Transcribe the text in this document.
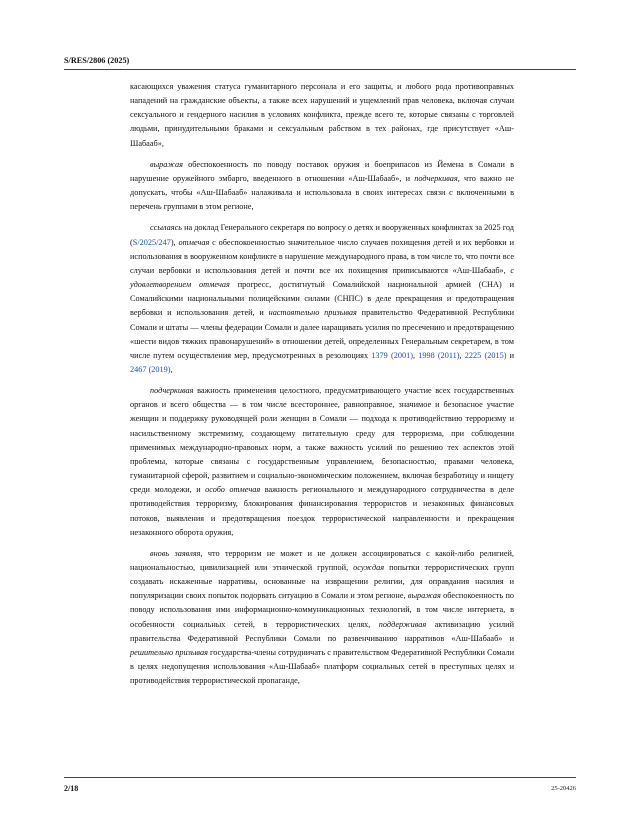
S/RES/2806 (2025)

касающихся уважения статуса гуманитарного персонала и его защиты, и любого рода противоправных нападений на гражданские объекты, а также всех нарушений и ущемлений прав человека, включая случаи сексуального и гендерного насилия в условиях конфликта, прежде всего те, которые связаны с торговлей людьми, принудительными браками и сексуальным рабством в тех районах, где присутствует «Аш-Шабааб»,

выражая обеспокоенность по поводу поставок оружия и боеприпасов из Йемена в Сомали в нарушение оружейного эмбарго, введенного в отношении «Аш-Шабааб», и подчеркивая, что важно не допускать, чтобы «Аш-Шабааб» налаживала и использовала в своих интересах связи с включенными в перечень группами в этом регионе,

ссылаясь на доклад Генерального секретаря по вопросу о детях и вооруженных конфликтах за 2025 год (S/2025/247), отмечая с обеспокоенностью значительное число случаев похищения детей и их вербовки и использования в вооруженном конфликте в нарушение международного права, в том числе то, что почти все случаи вербовки и использования детей и почти все их похищения приписываются «Аш-Шабааб», с удовлетворением отмечая прогресс, достигнутый Сомалийской национальной армией (СНА) и Сомалийскими национальными полицейскими силами (СНПС) в деле прекращения и предотвращения вербовки и использования детей, и настоятельно призывая правительство Федеративной Республики Сомали и штаты — члены федерации Сомали и далее наращивать усилия по пресечению и предотвращению «шести видов тяжких правонарушений» в отношении детей, определенных Генеральным секретарем, в том числе путем осуществления мер, предусмотренных в резолюциях 1379 (2001), 1998 (2011), 2225 (2015) и 2467 (2019),

подчеркивая важность применения целостного, предусматривающего участие всех государственных органов и всего общества — в том числе всестороннее, равноправное, значимое и безопасное участие женщин и поддержку руководящей роли женщин в Сомали — подхода к противодействию терроризму и насильственному экстремизму, создающему питательную среду для терроризма, при соблюдении применимых международно-правовых норм, а также важность усилий по решению тех аспектов этой проблемы, которые связаны с государственным управлением, безопасностью, правами человека, гуманитарной сферой, развитием и социально-экономическим положением, включая безработицу и нищету среди молодежи, и особо отмечая важность регионального и международного сотрудничества в деле противодействия терроризму, блокирования финансирования террористов и незаконных финансовых потоков, выявления и предотвращения поездок террористической направленности и прекращения незаконного оборота оружия,

вновь заявляя, что терроризм не может и не должен ассоциироваться с какой-либо религией, национальностью, цивилизацией или этнической группой, осуждая попытки террористических групп создавать искаженные нарративы, основанные на извращении религии, для оправдания насилия и популяризации своих попыток подорвать ситуацию в Сомали и этом регионе, выражая обеспокоенность по поводу использования ими информационно-коммуникационных технологий, в том числе интернета, в особенности социальных сетей, в террористических целях, поддерживая активизацию усилий правительства Федеративной Республики Сомали по развенчиванию нарративов «Аш-Шабааб» и решительно призывая государства-члены сотрудничать с правительством Федеративной Республики Сомали в целях недопущения использования «Аш-Шабааб» платформ социальных сетей в преступных целях и противодействия террористической пропаганде,

2/18	25-20426
